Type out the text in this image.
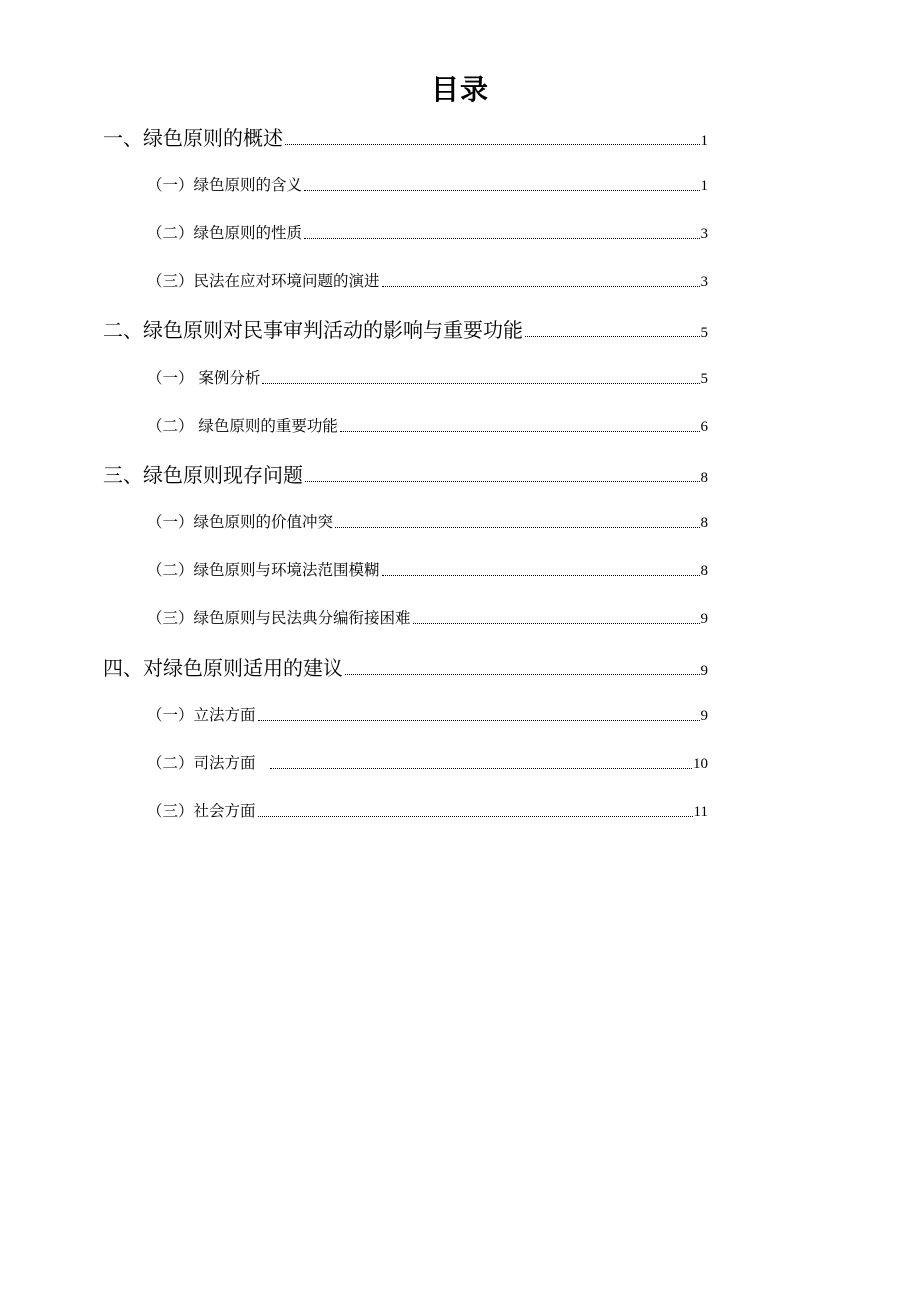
目录
一、绿色原则的概述	1
（一）绿色原则的含义	1
（二）绿色原则的性质	3
（三）民法在应对环境问题的演进	3
二、绿色原则对民事审判活动的影响与重要功能	5
（一） 案例分析	5
（二） 绿色原则的重要功能	6
三、绿色原则现存问题	8
（一）绿色原则的价值冲突	8
（二）绿色原则与环境法范围模糊	8
（三）绿色原则与民法典分编衔接困难	9
四、对绿色原则适用的建议	9
（一）立法方面	9
（二）司法方面	10
（三）社会方面	11
